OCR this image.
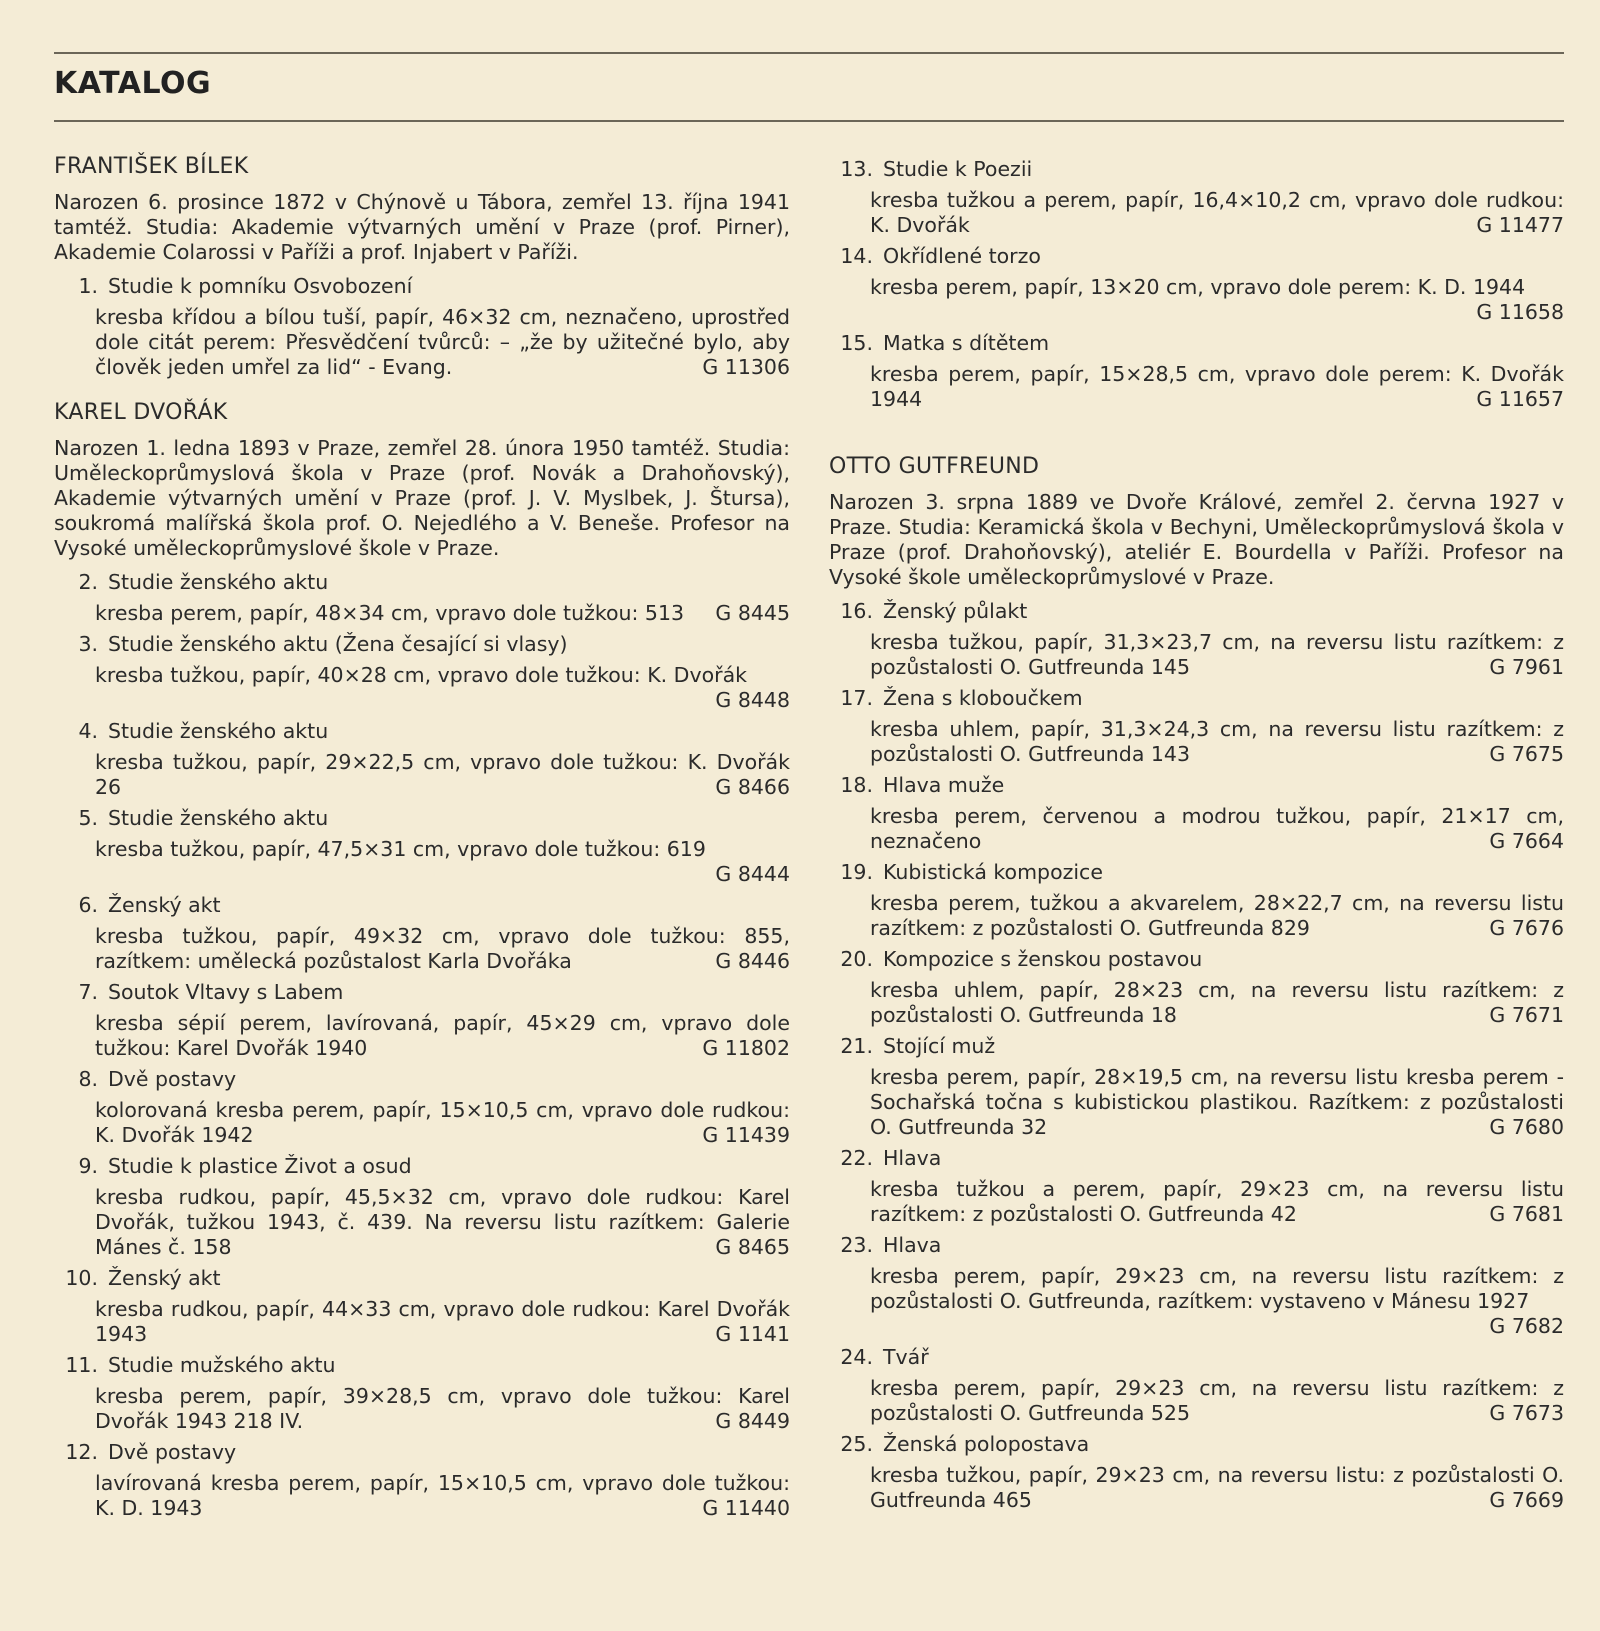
KATALOG
FRANTIŠEK BÍLEK

Narozen 6. prosince 1872 v Chýnově u Tábora, zemřel 13. října 1941 tamtéž. Studia: Akademie výtvarných umění v Praze (prof. Pirner), Akademie Colarossi v Paříži a prof. Injabert v Paříži.

1. Studie k pomníku Osvobození
kresba křídou a bílou tuší, papír, 46×32 cm, neznačeno, uprostřed dole citát perem: Přesvědčení tvůrců: – „že by užitečné bylo, aby člověk jeden umřel za lid“ - Evang.	G 11306
KAREL DVOŘÁK

Narozen 1. ledna 1893 v Praze, zemřel 28. února 1950 tamtéž. Studia: Uměleckoprůmyslová škola v Praze (prof. Novák a Drahoňovský), Akademie výtvarných umění v Praze (prof. J. V. Myslbek, J. Štursa), soukromá malířská škola prof. O. Nejedlého a V. Beneše. Profesor na Vysoké uměleckoprůmyslové škole v Praze.

2. Studie ženského aktu
kresba perem, papír, 48×34 cm, vpravo dole tužkou: 513 G 8445
3. Studie ženského aktu (Žena česající si vlasy)
kresba tužkou, papír, 40×28 cm, vpravo dole tužkou: K. Dvořák
G 8448
4. Studie ženského aktu
kresba tužkou, papír, 29×22,5 cm, vpravo dole tužkou: K. Dvořák 26	G 8466
5. Studie ženského aktu
kresba tužkou, papír, 47,5×31 cm, vpravo dole tužkou: 619
G 8444
6. Ženský akt
kresba tužkou, papír, 49×32 cm, vpravo dole tužkou: 855, razítkem: umělecká pozůstalost Karla Dvořáka	G 8446
7. Soutok Vltavy s Labem
kresba sépií perem, lavírovaná, papír, 45×29 cm, vpravo dole tužkou: Karel Dvořák 1940	G 11802
8. Dvě postavy
kolorovaná kresba perem, papír, 15×10,5 cm, vpravo dole rudkou: K. Dvořák 1942	G 11439
9. Studie k plastice Život a osud
kresba rudkou, papír, 45,5×32 cm, vpravo dole rudkou: Karel Dvořák, tužkou 1943, č. 439. Na reversu listu razítkem: Galerie Mánes č. 158	G 8465
10. Ženský akt
kresba rudkou, papír, 44×33 cm, vpravo dole rudkou: Karel Dvořák 1943	G 1141
11. Studie mužského aktu
kresba perem, papír, 39×28,5 cm, vpravo dole tužkou: Karel Dvořák 1943 218 IV.	G 8449
12. Dvě postavy
lavírovaná kresba perem, papír, 15×10,5 cm, vpravo dole tužkou: K. D. 1943	G 11440
13. Studie k Poezii
kresba tužkou a perem, papír, 16,4×10,2 cm, vpravo dole rudkou: K. Dvořák	G 11477
14. Okřídlené torzo
kresba perem, papír, 13×20 cm, vpravo dole perem: K. D. 1944
G 11658
15. Matka s dítětem
kresba perem, papír, 15×28,5 cm, vpravo dole perem: K. Dvořák 1944	G 11657
OTTO GUTFREUND

Narozen 3. srpna 1889 ve Dvoře Králové, zemřel 2. června 1927 v Praze. Studia: Keramická škola v Bechyni, Uměleckoprůmyslová škola v Praze (prof. Drahoňovský), ateliér E. Bourdella v Paříži. Profesor na Vysoké škole uměleckoprůmyslové v Praze.

16. Ženský půlakt
kresba tužkou, papír, 31,3×23,7 cm, na reversu listu razítkem: z pozůstalosti O. Gutfreunda 145	G 7961
17. Žena s kloboučkem
kresba uhlem, papír, 31,3×24,3 cm, na reversu listu razítkem: z pozůstalosti O. Gutfreunda 143	G 7675
18. Hlava muže
kresba perem, červenou a modrou tužkou, papír, 21×17 cm, neznačeno	G 7664
19. Kubistická kompozice
kresba perem, tužkou a akvarelem, 28×22,7 cm, na reversu listu razítkem: z pozůstalosti O. Gutfreunda 829	G 7676
20. Kompozice s ženskou postavou
kresba uhlem, papír, 28×23 cm, na reversu listu razítkem: z pozůstalosti O. Gutfreunda 18	G 7671
21. Stojící muž
kresba perem, papír, 28×19,5 cm, na reversu listu kresba perem - Sochařská točna s kubistickou plastikou. Razítkem: z pozůstalosti O. Gutfreunda 32	G 7680
22. Hlava
kresba tužkou a perem, papír, 29×23 cm, na reversu listu razítkem: z pozůstalosti O. Gutfreunda 42	G 7681
23. Hlava
kresba perem, papír, 29×23 cm, na reversu listu razítkem: z pozůstalosti O. Gutfreunda, razítkem: vystaveno v Mánesu 1927
G 7682
24. Tvář
kresba perem, papír, 29×23 cm, na reversu listu razítkem: z pozůstalosti O. Gutfreunda 525	G 7673
25. Ženská polopostava
kresba tužkou, papír, 29×23 cm, na reversu listu: z pozůstalosti O. Gutfreunda 465	G 7669
